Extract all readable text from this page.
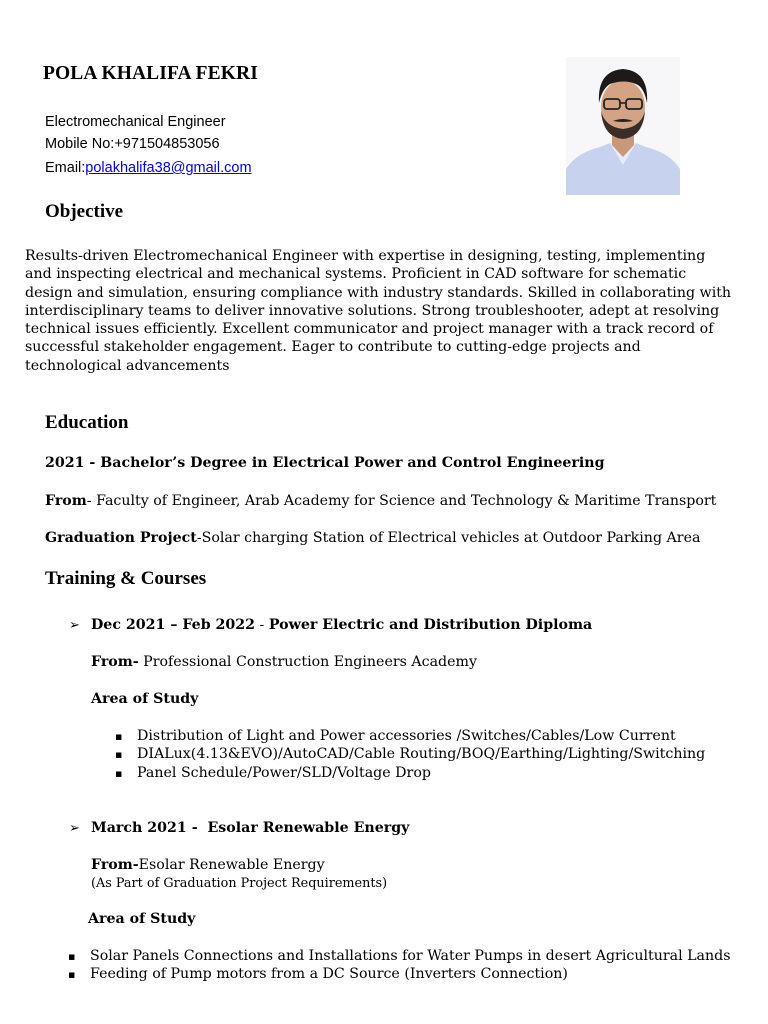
POLA KHALIFA FEKRI
Electromechanical Engineer
Mobile No:+971504853056
Email:polakhalifa38@gmail.com
Objective
Results-driven Electromechanical Engineer with expertise in designing, testing, implementing and inspecting electrical and mechanical systems. Proficient in CAD software for schematic design and simulation, ensuring compliance with industry standards. Skilled in collaborating with interdisciplinary teams to deliver innovative solutions. Strong troubleshooter, adept at resolving technical issues efficiently. Excellent communicator and project manager with a track record of successful stakeholder engagement. Eager to contribute to cutting-edge projects and technological advancements
Education
2021 - Bachelor’s Degree in Electrical Power and Control Engineering
From- Faculty of Engineer, Arab Academy for Science and Technology & Maritime Transport
Graduation Project-Solar charging Station of Electrical vehicles at Outdoor Parking Area
Training & Courses
➢ Dec 2021 – Feb 2022 - Power Electric and Distribution Diploma
From- Professional Construction Engineers Academy
Area of Study
▪ Distribution of Light and Power accessories /Switches/Cables/Low Current
▪ DIALux(4.13&EVO)/AutoCAD/Cable Routing/BOQ/Earthing/Lighting/Switching
▪ Panel Schedule/Power/SLD/Voltage Drop
➢ March 2021 -  Esolar Renewable Energy
From-Esolar Renewable Energy
(As Part of Graduation Project Requirements)
Area of Study
▪ Solar Panels Connections and Installations for Water Pumps in desert Agricultural Lands
▪ Feeding of Pump motors from a DC Source (Inverters Connection)
